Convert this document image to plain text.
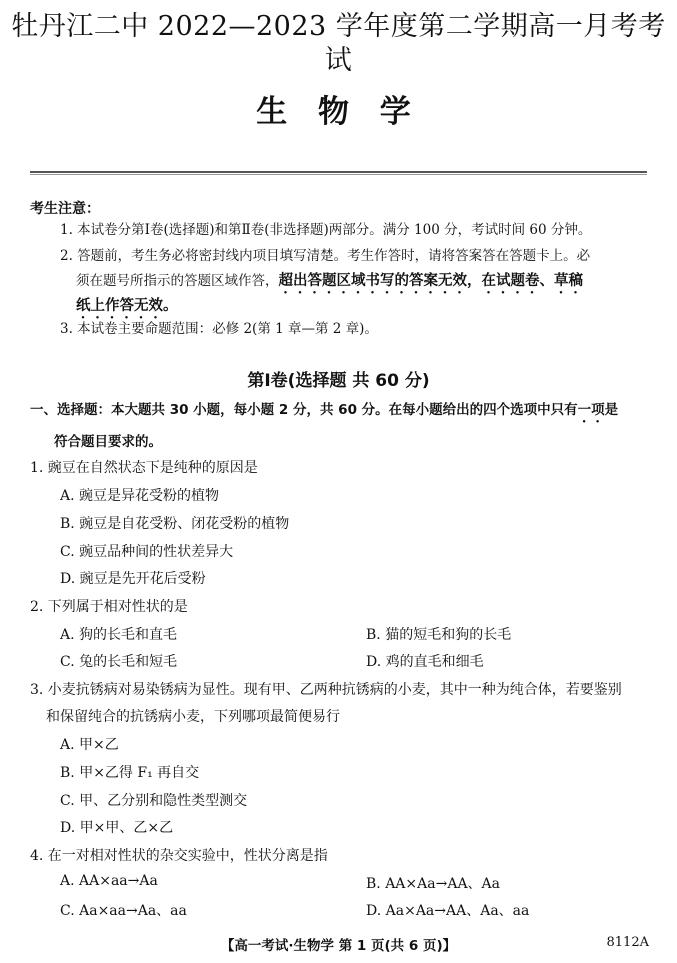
牡丹江二中 2022—2023 学年度第二学期高一月考考试
生 物 学
考生注意：
1. 本试卷分第Ⅰ卷(选择题)和第Ⅱ卷(非选择题)两部分。满分 100 分，考试时间 60 分钟。
2. 答题前，考生务必将密封线内项目填写清楚。考生作答时，请将答案答在答题卡上。必
须在题号所指示的答题区域作答，超出答题区域书写的答案无效，在试题卷、草稿
纸上作答无效。
3. 本试卷主要命题范围：必修 2(第 1 章—第 2 章)。
第Ⅰ卷(选择题 共 60 分)
一、选择题：本大题共 30 小题，每小题 2 分，共 60 分。在每小题给出的四个选项中只有一项是
符合题目要求的。
1. 豌豆在自然状态下是纯种的原因是
A. 豌豆是异花受粉的植物
B. 豌豆是自花受粉、闭花受粉的植物
C. 豌豆品种间的性状差异大
D. 豌豆是先开花后受粉
2. 下列属于相对性状的是
A. 狗的长毛和直毛	B. 猫的短毛和狗的长毛
C. 兔的长毛和短毛	D. 鸡的直毛和细毛
3. 小麦抗锈病对易染锈病为显性。现有甲、乙两种抗锈病的小麦，其中一种为纯合体，若要鉴别
和保留纯合的抗锈病小麦，下列哪项最简便易行
A. 甲×乙
B. 甲×乙得 F₁ 再自交
C. 甲、乙分别和隐性类型测交
D. 甲×甲、乙×乙
4. 在一对相对性状的杂交实验中，性状分离是指
A. AA×aa→Aa	B. AA×Aa→AA、Aa
C. Aa×aa→Aa、aa	D. Aa×Aa→AA、Aa、aa
【高一考试·生物学 第 1 页(共 6 页)】	8112A
